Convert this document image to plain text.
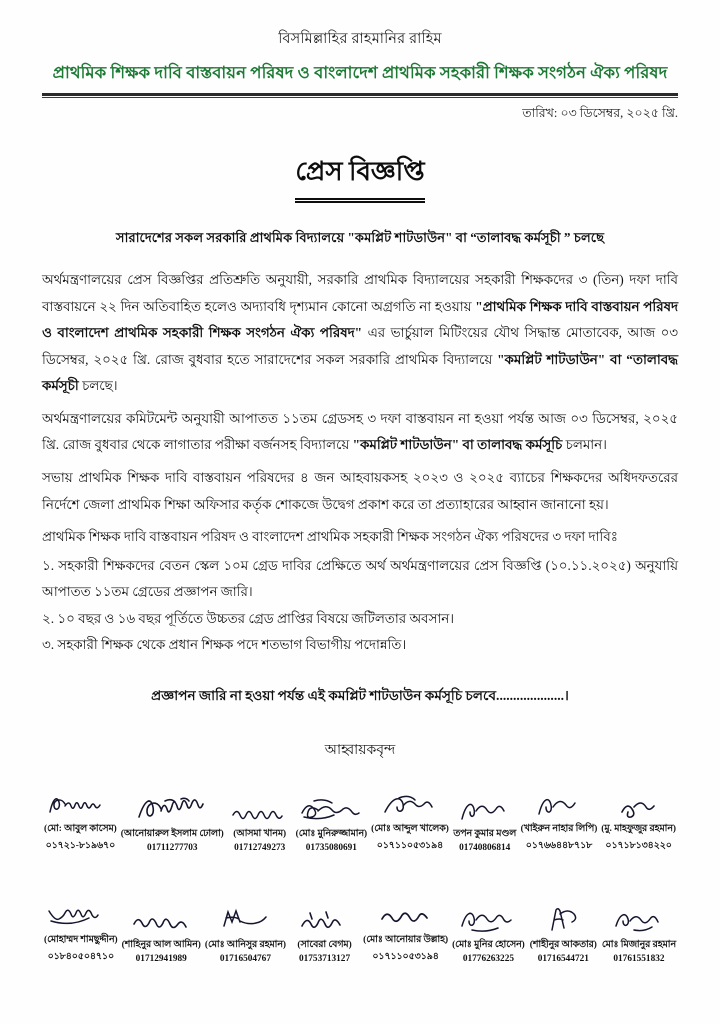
বিসমিল্লাহির রাহমানির রাহিম
প্রাথমিক শিক্ষক দাবি বাস্তবায়ন পরিষদ ও বাংলাদেশ প্রাথমিক সহকারী শিক্ষক সংগঠন ঐক্য পরিষদ
তারিখ: ০৩ ডিসেম্বর, ২০২৫ খ্রি.
প্রেস বিজ্ঞপ্তি
সারাদেশের সকল সরকারি প্রাথমিক বিদ্যালয়ে "কমপ্লিট শাটডাউন" বা “তালাবদ্ধ কর্মসূচী ” চলছে

অর্থমন্ত্রণালয়ের প্রেস বিজ্ঞপ্তির প্রতিশ্রুতি অনুযায়ী, সরকারি প্রাথমিক বিদ্যালয়ের সহকারী শিক্ষকদের ৩ (তিন) দফা দাবি বাস্তবায়নে ২২ দিন অতিবাহিত হলেও অদ্যাবধি দৃশ্যমান কোনো অগ্রগতি না হওয়ায় "প্রাথমিক শিক্ষক দাবি বাস্তবায়ন পরিষদ ও বাংলাদেশ প্রাথমিক সহকারী শিক্ষক সংগঠন ঐক্য পরিষদ" এর ভার্চুয়াল মিটিংয়ের যৌথ সিদ্ধান্ত মোতাবেক, আজ ০৩ ডিসেম্বর, ২০২৫ খ্রি. রোজ বুধবার হতে সারাদেশের সকল সরকারি প্রাথমিক বিদ্যালয়ে "কমপ্লিট শাটডাউন" বা “তালাবদ্ধ কর্মসূচী চলছে।

অর্থমন্ত্রণালয়ের কমিটমেন্ট অনুযায়ী আপাতত ১১তম গ্রেডসহ ৩ দফা বাস্তবায়ন না হওয়া পর্যন্ত আজ ০৩ ডিসেম্বর, ২০২৫ খ্রি. রোজ বুধবার থেকে লাগাতার পরীক্ষা বর্জনসহ বিদ্যালয়ে "কমপ্লিট শাটডাউন" বা তালাবদ্ধ কর্মসূচি চলমান।

সভায় প্রাথমিক শিক্ষক দাবি বাস্তবায়ন পরিষদের ৪ জন আহবায়কসহ ২০২৩ ও ২০২৫ ব্যাচের শিক্ষকদের অধিদফতরের নির্দেশে জেলা প্রাথমিক শিক্ষা অফিসার কর্তৃক শোকজে উদ্বেগ প্রকাশ করে তা প্রত্যাহারের আহ্বান জানানো হয়।

প্রাথমিক শিক্ষক দাবি বাস্তবায়ন পরিষদ ও বাংলাদেশ প্রাথমিক সহকারী শিক্ষক সংগঠন ঐক্য পরিষদের ৩ দফা দাবিঃ

১. সহকারী শিক্ষকদের বেতন স্কেল ১০ম গ্রেড দাবির প্রেক্ষিতে অর্থ অর্থমন্ত্রণালয়ের প্রেস বিজ্ঞপ্তি (১০.১১.২০২৫) অনুযায়ি আপাতত ১১তম গ্রেডের প্রজ্ঞাপন জারি।

২. ১০ বছর ও ১৬ বছর পূর্তিতে উচ্চতর গ্রেড প্রাপ্তির বিষয়ে জটিলতার অবসান।

৩. সহকারী শিক্ষক থেকে প্রধান শিক্ষক পদে শতভাগ বিভাগীয় পদোন্নতি।

প্রজ্ঞাপন জারি না হওয়া পর্যন্ত এই কমপ্লিট শাটডাউন কর্মসূচি চলবে....................।
আহ্বায়কবৃন্দ
(মো: আবুল কাসেম)
০১৭২১-৮১৯৬৭০
(আনোয়ারুল ইসলাম ঢোলা)
01711277703
(আসমা খানম)
01712749273
(মোঃ মুনিরুজ্জামান)
01735080691
(মোঃ আব্দুল খালেক)
০১৭১১০৫৩১৯৪
তপন কুমার মণ্ডল
01740806814
(খাইরুন নাহার লিপি)
০১৭৬৬৪৪৮৭১৮
(মু. মাহফুজুর রহমান)
০১৭১৮১৩৪২২০
(মোহাম্মদ শামছুদ্দীন)
০১৮৪০৫০৪৭১০
(শাহিনুর আল আমিন)
01712941989
(মোঃ আনিসুর রহমান)
01716504767
(সাবেরা বেগম)
01753713127
(মোঃ আনোয়ার উল্লাহ)
০১৭১১০৫৩১৯৪
(মোঃ মুনির হোসেন)
01776263225
(শাহীনুর আকতার)
01716544721
মোঃ মিজানুর রহমান
01761551832
